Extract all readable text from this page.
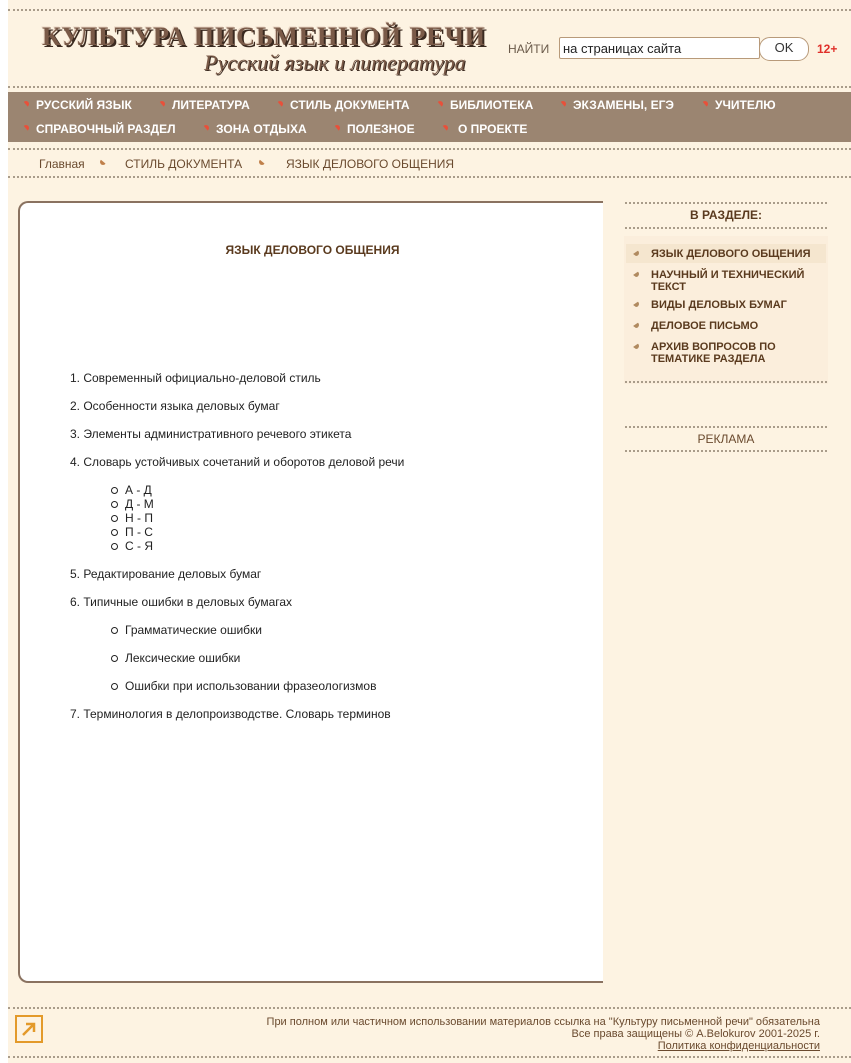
КУЛЬТУРА ПИСЬМЕННОЙ РЕЧИ
Русский язык и литература
НАЙТИ
на страницах сайта	OK	12+
РУССКИЙ ЯЗЫК	ЛИТЕРАТУРА	СТИЛЬ ДОКУМЕНТА	БИБЛИОТЕКА	ЭКЗАМЕНЫ, ЕГЭ	УЧИТЕЛЮ
СПРАВОЧНЫЙ РАЗДЕЛ	ЗОНА ОТДЫХА	ПОЛЕЗНОЕ	О ПРОЕКТЕ
Главная	СТИЛЬ ДОКУМЕНТА	ЯЗЫК ДЕЛОВОГО ОБЩЕНИЯ
ЯЗЫК ДЕЛОВОГО ОБЩЕНИЯ
1. Современный официально-деловой стиль
2. Особенности языка деловых бумаг
3. Элементы административного речевого этикета
4. Словарь устойчивых сочетаний и оборотов деловой речи
А - Д
Д - М
Н - П
П - С
С - Я
5. Редактирование деловых бумаг
6. Типичные ошибки в деловых бумагах
Грамматические ошибки
Лексические ошибки
Ошибки при использовании фразеологизмов
7. Терминология в делопроизводстве. Словарь терминов
В РАЗДЕЛЕ:
ЯЗЫК ДЕЛОВОГО ОБЩЕНИЯ
НАУЧНЫЙ И ТЕХНИЧЕСКИЙ ТЕКСТ
ВИДЫ ДЕЛОВЫХ БУМАГ
ДЕЛОВОЕ ПИСЬМО
АРХИВ ВОПРОСОВ ПО ТЕМАТИКЕ РАЗДЕЛА
РЕКЛАМА
При полном или частичном использовании материалов ссылка на "Культуру письменной речи" обязательна
Все права защищены © A.Belokurov 2001-2025 г.
Политика конфиденциальности
